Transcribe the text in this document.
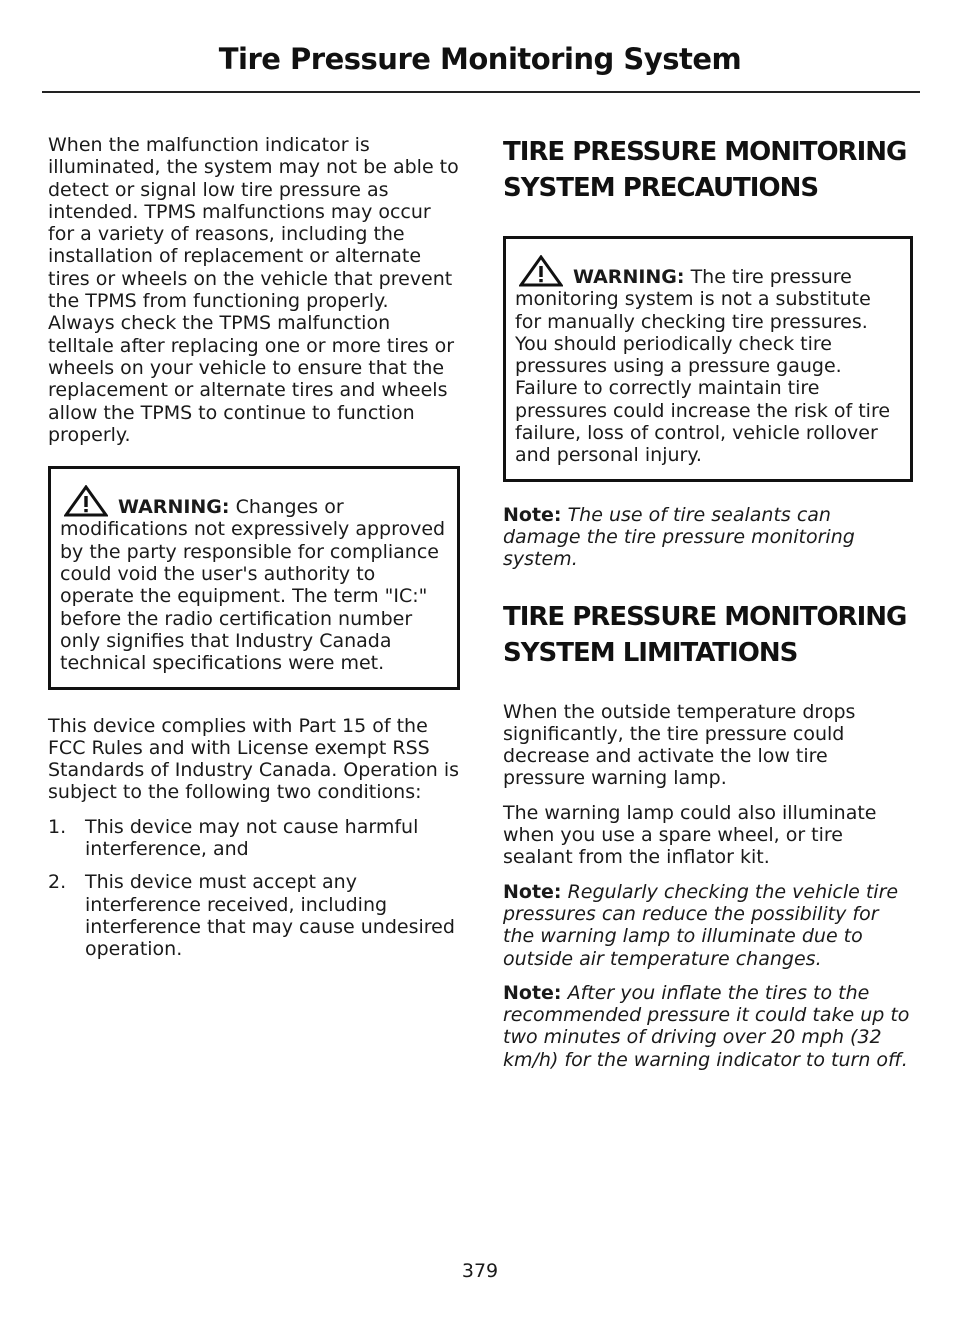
Tire Pressure Monitoring System

When the malfunction indicator is illuminated, the system may not be able to detect or signal low tire pressure as intended. TPMS malfunctions may occur for a variety of reasons, including the installation of replacement or alternate tires or wheels on the vehicle that prevent the TPMS from functioning properly. Always check the TPMS malfunction telltale after replacing one or more tires or wheels on your vehicle to ensure that the replacement or alternate tires and wheels allow the TPMS to continue to function properly.

WARNING: Changes or modifications not expressively approved by the party responsible for compliance could void the user's authority to operate the equipment. The term "IC:" before the radio certification number only signifies that Industry Canada technical specifications were met.

This device complies with Part 15 of the FCC Rules and with License exempt RSS Standards of Industry Canada. Operation is subject to the following two conditions:

1. This device may not cause harmful interference, and
2. This device must accept any interference received, including interference that may cause undesired operation.
TIRE PRESSURE MONITORING SYSTEM PRECAUTIONS

WARNING: The tire pressure monitoring system is not a substitute for manually checking tire pressures. You should periodically check tire pressures using a pressure gauge. Failure to correctly maintain tire pressures could increase the risk of tire failure, loss of control, vehicle rollover and personal injury.

Note: The use of tire sealants can damage the tire pressure monitoring system.

TIRE PRESSURE MONITORING SYSTEM LIMITATIONS

When the outside temperature drops significantly, the tire pressure could decrease and activate the low tire pressure warning lamp.

The warning lamp could also illuminate when you use a spare wheel, or tire sealant from the inflator kit.

Note: Regularly checking the vehicle tire pressures can reduce the possibility for the warning lamp to illuminate due to outside air temperature changes.

Note: After you inflate the tires to the recommended pressure it could take up to two minutes of driving over 20 mph (32 km/h) for the warning indicator to turn off.

379
